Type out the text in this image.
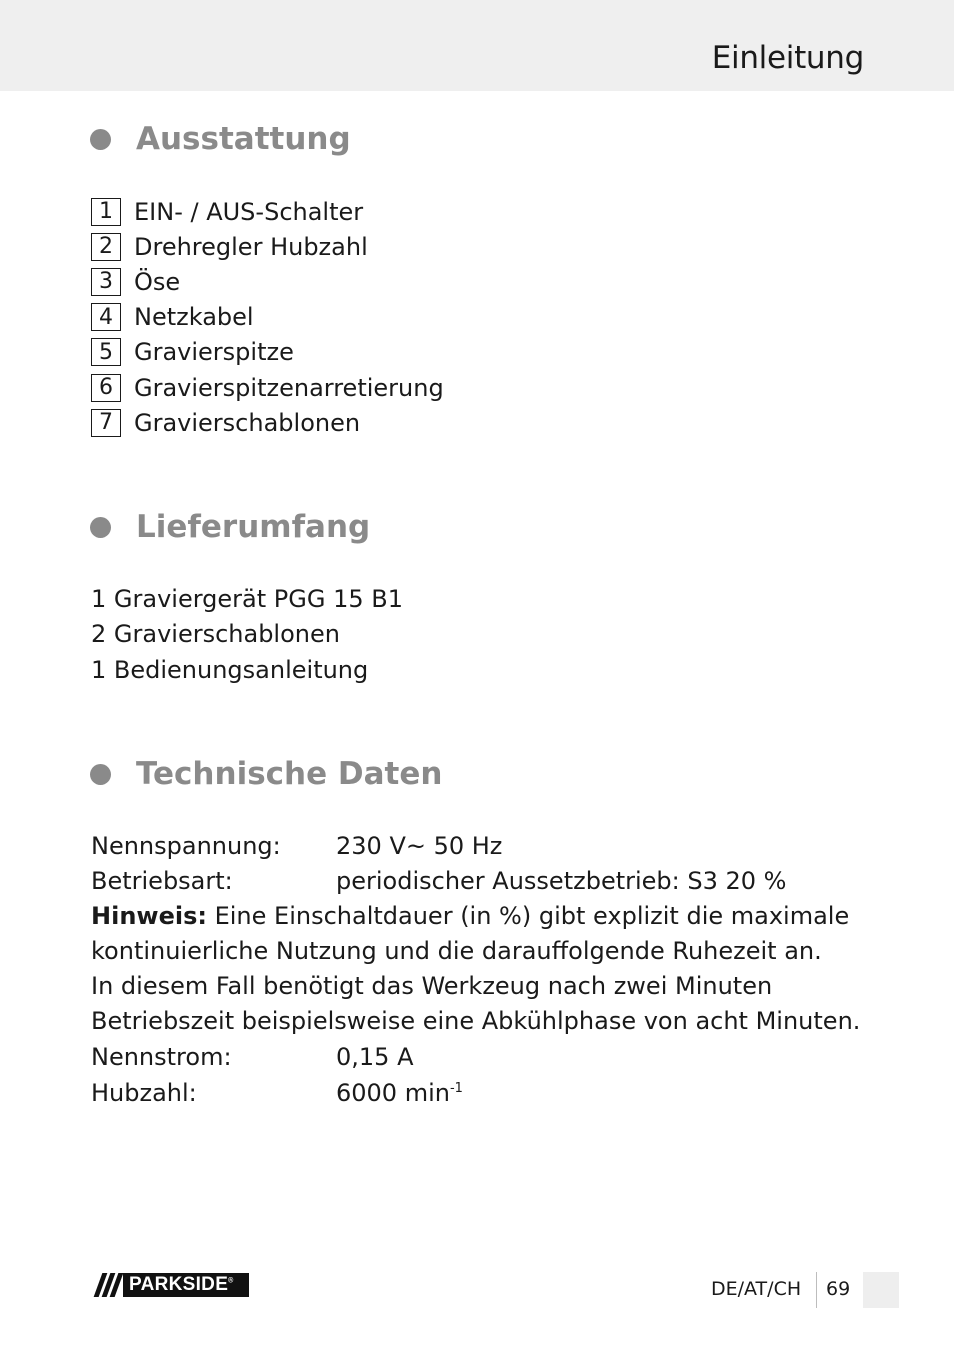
Einleitung
Ausstattung
1 EIN- / AUS-Schalter
2 Drehregler Hubzahl
3 Öse
4 Netzkabel
5 Gravierspitze
6 Gravierspitzenarretierung
7 Gravierschablonen
Lieferumfang
1 Graviergerät PGG 15 B1
2 Gravierschablonen
1 Bedienungsanleitung
Technische Daten
Nennspannung:	230 V~ 50 Hz
Betriebsart:	periodischer Aussetzbetrieb: S3 20 %
Hinweis: Eine Einschaltdauer (in %) gibt explizit die maximale kontinuierliche Nutzung und die darauffolgende Ruhezeit an.
In diesem Fall benötigt das Werkzeug nach zwei Minuten Betriebszeit beispielsweise eine Abkühlphase von acht Minuten.
Nennstrom:	0,15 A
Hubzahl:	6000 $\min^{-1}$
PARKSIDE®	DE/AT/CH 69
